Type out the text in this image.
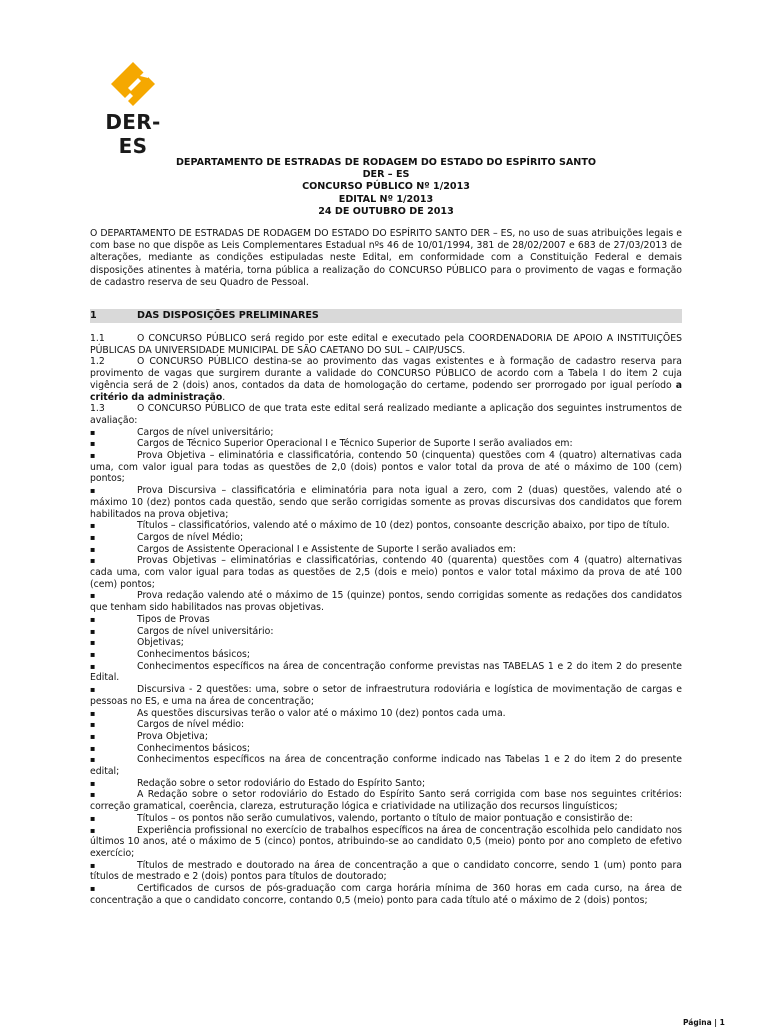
DER-ES
DEPARTAMENTO DE ESTRADAS DE RODAGEM DO ESTADO DO ESPÍRITO SANTO
DER – ES
CONCURSO PÚBLICO Nº 1/2013
EDITAL Nº 1/2013
24 DE OUTUBRO DE 2013
O DEPARTAMENTO DE ESTRADAS DE RODAGEM DO ESTADO DO ESPÍRITO SANTO DER – ES, no uso de suas atribuições legais e com base no que dispõe as Leis Complementares Estadual nºs 46 de 10/01/1994, 381 de 28/02/2007 e 683 de 27/03/2013 de alterações, mediante as condições estipuladas neste Edital, em conformidade com a Constituição Federal e demais disposições atinentes à matéria, torna pública a realização do CONCURSO PÚBLICO para o provimento de vagas e formação de cadastro reserva de seu Quadro de Pessoal.
1	DAS DISPOSIÇÕES PRELIMINARES

1.1	O CONCURSO PÚBLICO será regido por este edital e executado pela COORDENADORIA DE APOIO A INSTITUIÇÕES PÚBLICAS DA UNIVERSIDADE MUNICIPAL DE SÃO CAETANO DO SUL – CAIP/USCS.

1.2	O CONCURSO PÚBLICO destina-se ao provimento das vagas existentes e à formação de cadastro reserva para provimento de vagas que surgirem durante a validade do CONCURSO PÚBLICO de acordo com a Tabela I do item 2 cuja vigência será de 2 (dois) anos, contados da data de homologação do certame, podendo ser prorrogado por igual período a critério da administração.

1.3	O CONCURSO PÚBLICO de que trata este edital será realizado mediante a aplicação dos seguintes instrumentos de avaliação:

▪	Cargos de nível universitário;

▪	Cargos de Técnico Superior Operacional I e Técnico Superior de Suporte I serão avaliados em:

▪	Prova Objetiva – eliminatória e classificatória, contendo 50 (cinquenta) questões com 4 (quatro) alternativas cada uma, com valor igual para todas as questões de 2,0 (dois) pontos e valor total da prova de até o máximo de 100 (cem) pontos;

▪	Prova Discursiva – classificatória e eliminatória para nota igual a zero, com 2 (duas) questões, valendo até o máximo 10 (dez) pontos cada questão, sendo que serão corrigidas somente as provas discursivas dos candidatos que forem habilitados na prova objetiva;

▪	Títulos – classificatórios, valendo até o máximo de 10 (dez) pontos, consoante descrição abaixo, por tipo de título.

▪	Cargos de nível Médio;

▪	Cargos de Assistente Operacional I e Assistente de Suporte I serão avaliados em:

▪	Provas Objetivas – eliminatórias e classificatórias, contendo 40 (quarenta) questões com 4 (quatro) alternativas cada uma, com valor igual para todas as questões de 2,5 (dois e meio) pontos e valor total máximo da prova de até 100 (cem) pontos;

▪	Prova redação valendo até o máximo de 15 (quinze) pontos, sendo corrigidas somente as redações dos candidatos que tenham sido habilitados nas provas objetivas.

▪	Tipos de Provas

▪	Cargos de nível universitário:

▪	Objetivas;

▪	Conhecimentos básicos;

▪	Conhecimentos específicos na área de concentração conforme previstas nas TABELAS 1 e 2 do item 2 do presente Edital.

▪	Discursiva - 2 questões: uma, sobre o setor de infraestrutura rodoviária e logística de movimentação de cargas e pessoas no ES, e uma na área de concentração;

▪	As questões discursivas terão o valor até o máximo 10 (dez) pontos cada uma.

▪	Cargos de nível médio:

▪	Prova Objetiva;

▪	Conhecimentos básicos;

▪	Conhecimentos específicos na área de concentração conforme indicado nas Tabelas 1 e 2 do item 2 do presente edital;

▪	Redação sobre o setor rodoviário do Estado do Espírito Santo;

▪	A Redação sobre o setor rodoviário do Estado do Espírito Santo será corrigida com base nos seguintes critérios: correção gramatical, coerência, clareza, estruturação lógica e criatividade na utilização dos recursos linguísticos;

▪	Títulos – os pontos não serão cumulativos, valendo, portanto o título de maior pontuação e consistirão de:

▪	Experiência profissional no exercício de trabalhos específicos na área de concentração escolhida pelo candidato nos últimos 10 anos, até o máximo de 5 (cinco) pontos, atribuindo-se ao candidato 0,5 (meio) ponto por ano completo de efetivo exercício;

▪	Títulos de mestrado e doutorado na área de concentração a que o candidato concorre, sendo 1 (um) ponto para títulos de mestrado e 2 (dois) pontos para títulos de doutorado;

▪	Certificados de cursos de pós-graduação com carga horária mínima de 360 horas em cada curso, na área de concentração a que o candidato concorre, contando 0,5 (meio) ponto para cada título até o máximo de 2 (dois) pontos;

Página | 1
